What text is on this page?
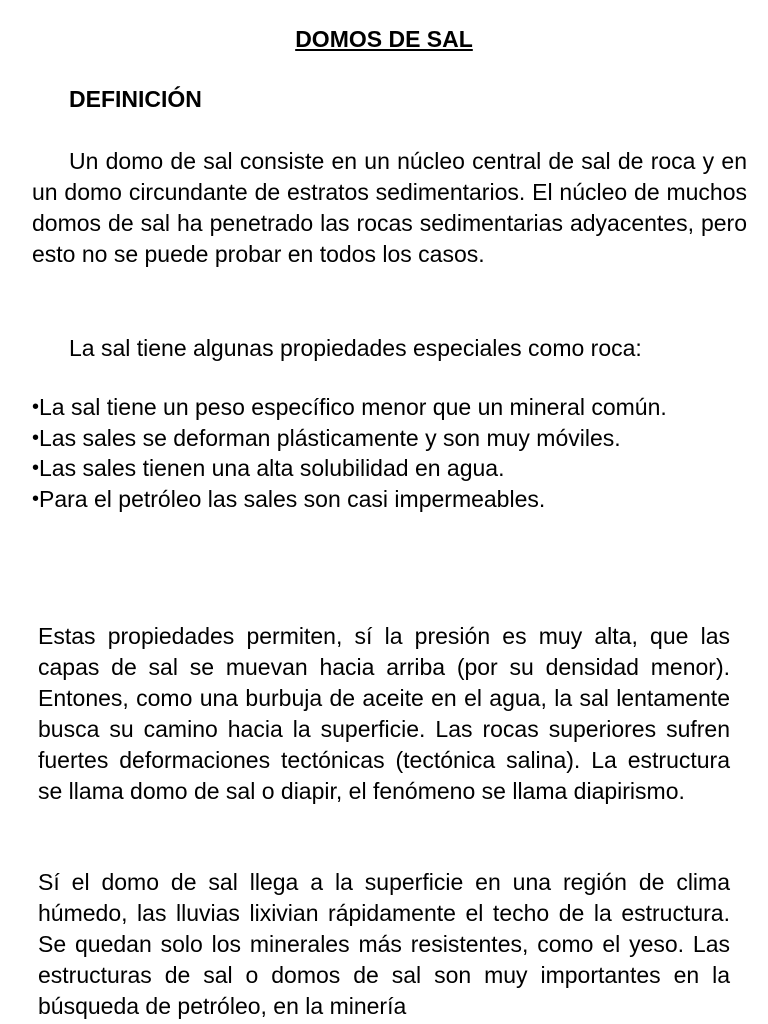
DOMOS DE SAL
DEFINICIÓN

Un domo de sal consiste en un núcleo central de sal de roca y en un domo circundante de estratos sedimentarios. El núcleo de muchos domos de sal ha penetrado las rocas sedimentarias adyacentes, pero esto no se puede probar en todos los casos.

La sal tiene algunas propiedades especiales como roca:

•La sal tiene un peso específico menor que un mineral común.
•Las sales se deforman plásticamente y son muy móviles.
•Las sales tienen una alta solubilidad en agua.
•Para el petróleo las sales son casi impermeables.

Estas propiedades permiten, sí la presión es muy alta, que las capas de sal se muevan hacia arriba (por su densidad menor). Entones, como una burbuja de aceite en el agua, la sal lentamente busca su camino hacia la superficie. Las rocas superiores sufren fuertes deformaciones tectónicas (tectónica salina). La estructura se llama domo de sal o diapir, el fenómeno se llama diapirismo.

Sí el domo de sal llega a la superficie en una región de clima húmedo, las lluvias lixivian rápidamente el techo de la estructura. Se quedan solo los minerales más resistentes, como el yeso. Las estructuras de sal o domos de sal son muy importantes en la búsqueda de petróleo, en la minería
